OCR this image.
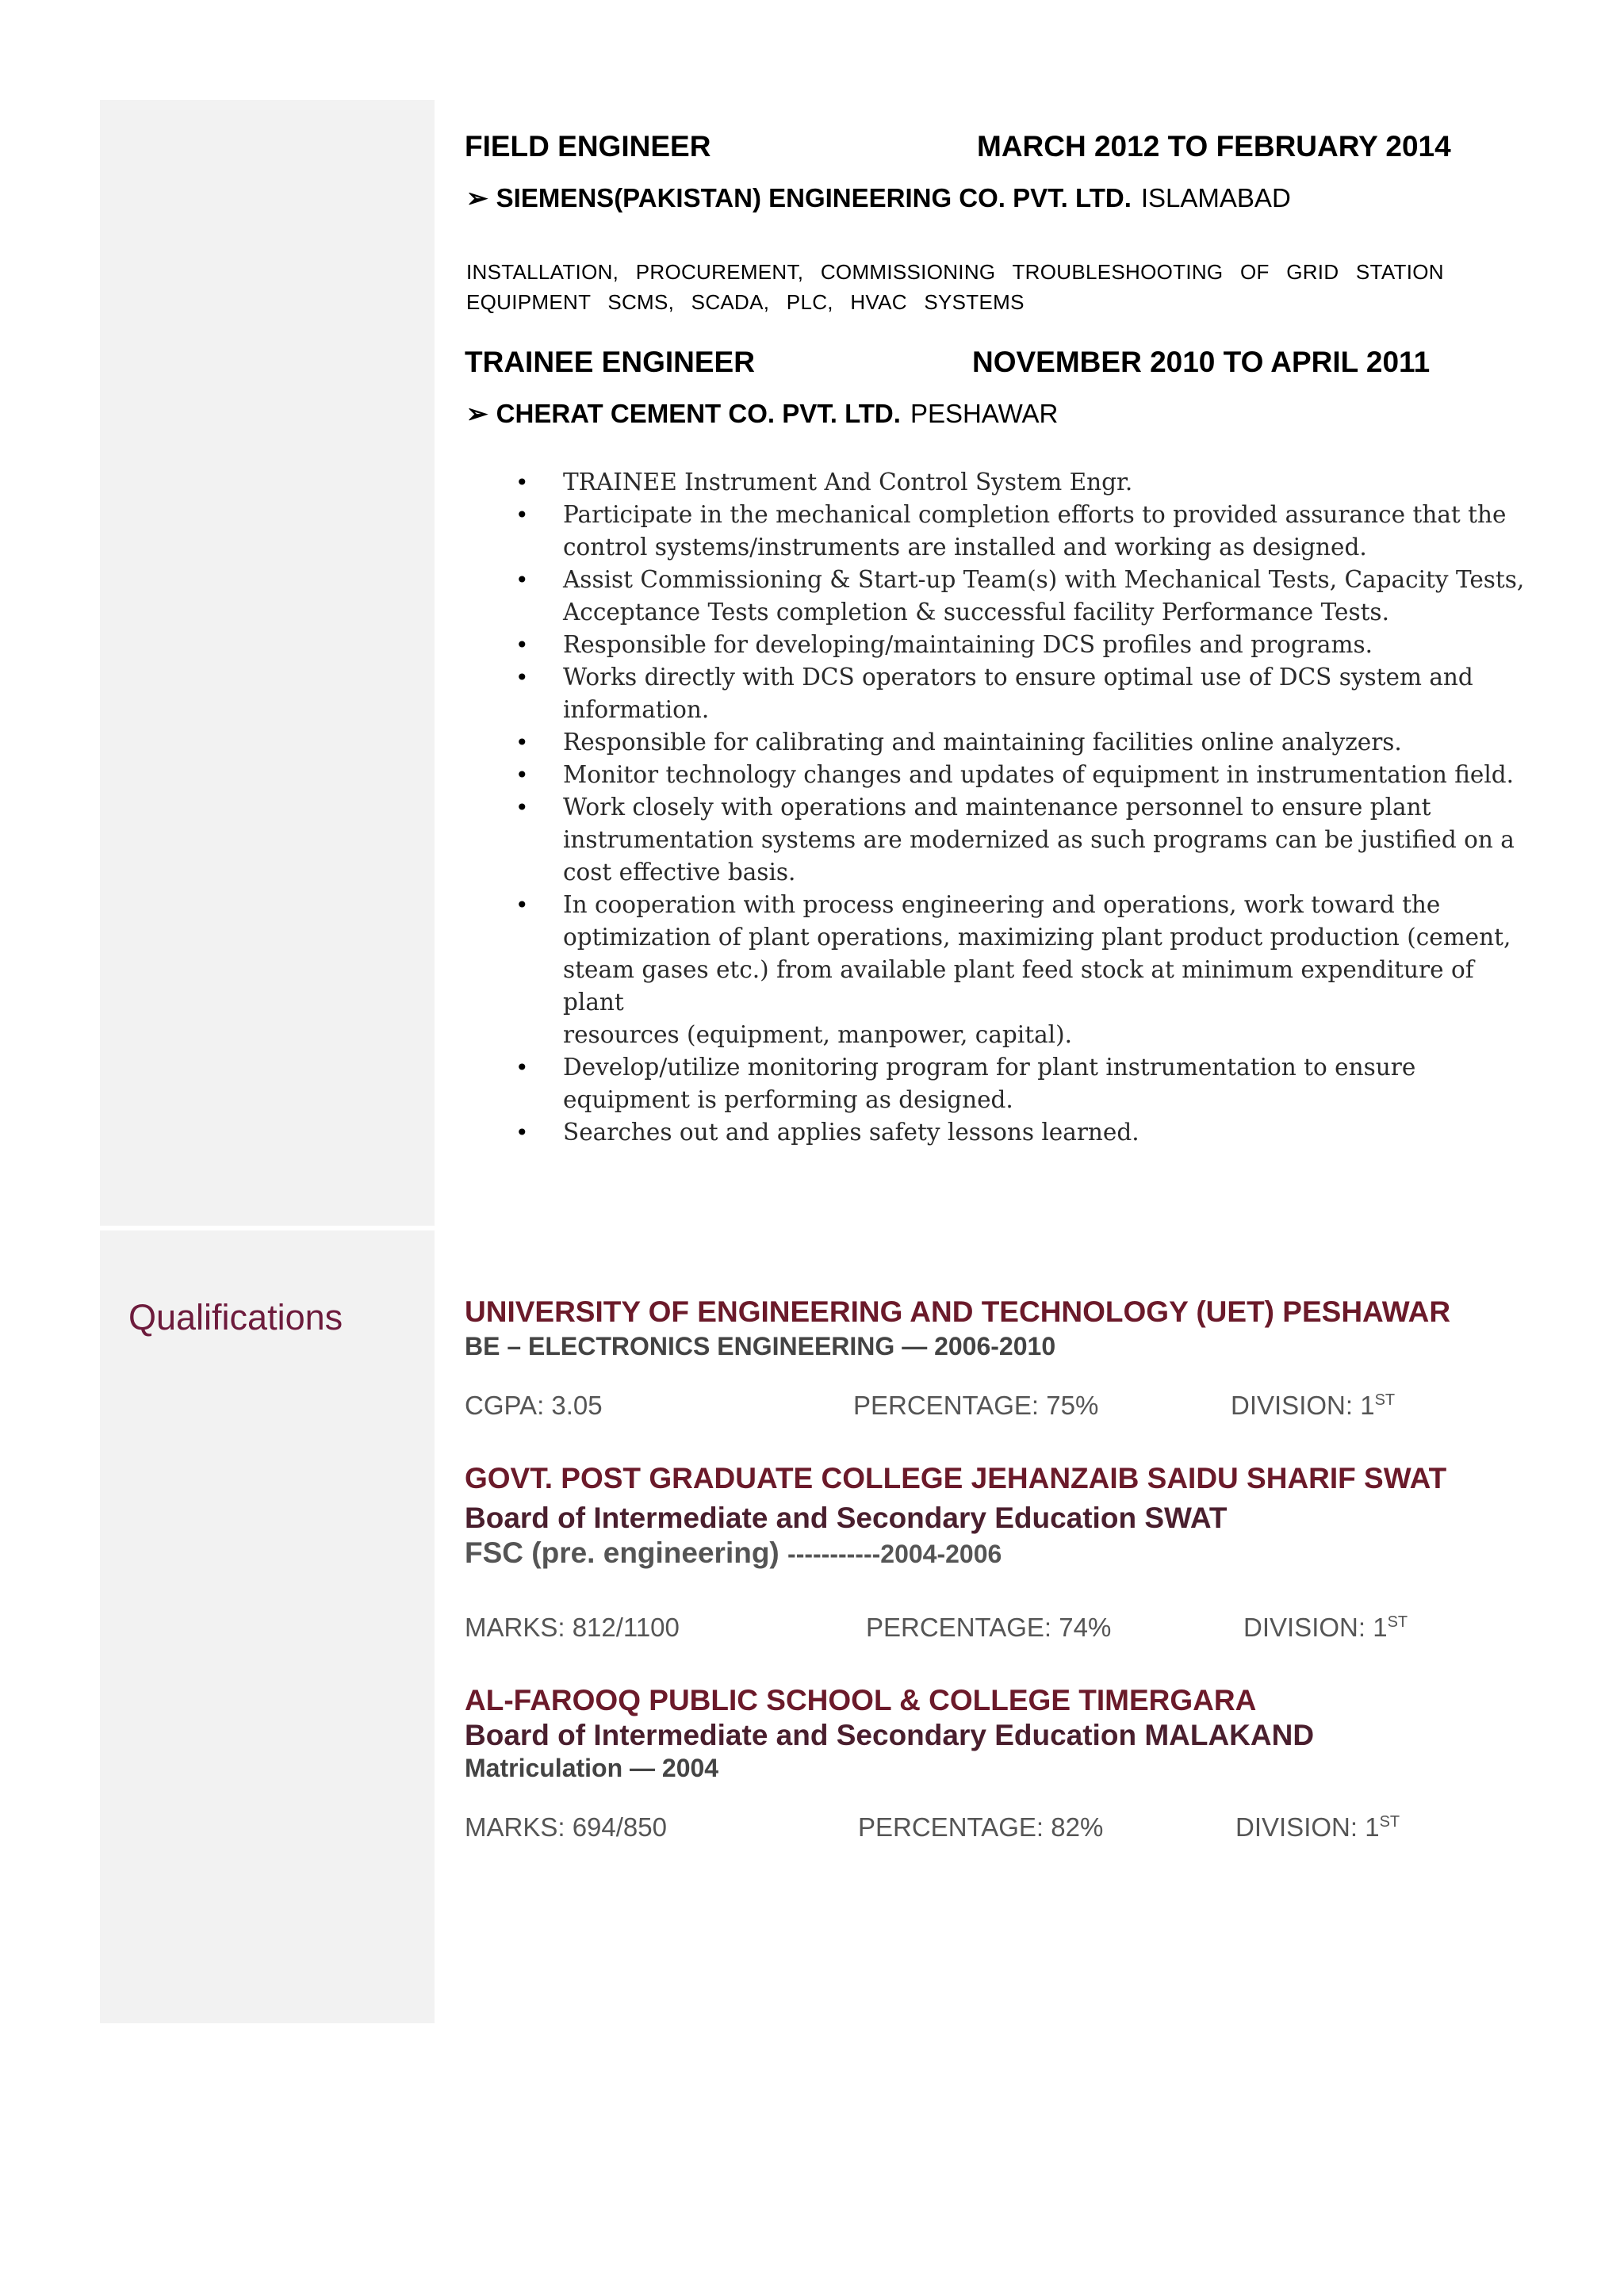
Qualifications
FIELD ENGINEER	MARCH 2012 TO FEBRUARY 2014
➢ SIEMENS(PAKISTAN) ENGINEERING CO. PVT. LTD. ISLAMABAD
INSTALLATION, PROCUREMENT, COMMISSIONING TROUBLESHOOTING OF GRID STATION
EQUIPMENT SCMS, SCADA, PLC, HVAC SYSTEMS
TRAINEE ENGINEER	NOVEMBER 2010 TO APRIL 2011
➢ CHERAT CEMENT CO. PVT. LTD. PESHAWAR
• TRAINEE Instrument And Control System Engr.
• Participate in the mechanical completion efforts to provided assurance that the
control systems/instruments are installed and working as designed.
• Assist Commissioning & Start-up Team(s) with Mechanical Tests, Capacity Tests,
Acceptance Tests completion & successful facility Performance Tests.
• Responsible for developing/maintaining DCS profiles and programs.
• Works directly with DCS operators to ensure optimal use of DCS system and
information.
• Responsible for calibrating and maintaining facilities online analyzers.
• Monitor technology changes and updates of equipment in instrumentation field.
• Work closely with operations and maintenance personnel to ensure plant
instrumentation systems are modernized as such programs can be justified on a
cost effective basis.
• In cooperation with process engineering and operations, work toward the
optimization of plant operations, maximizing plant product production (cement,
steam gases etc.) from available plant feed stock at minimum expenditure of plant
resources (equipment, manpower, capital).
• Develop/utilize monitoring program for plant instrumentation to ensure
equipment is performing as designed.
• Searches out and applies safety lessons learned.
UNIVERSITY OF ENGINEERING AND TECHNOLOGY (UET) PESHAWAR
BE – ELECTRONICS ENGINEERING — 2006-2010
CGPA: 3.05	PERCENTAGE: 75%	DIVISION: 1ST
GOVT. POST GRADUATE COLLEGE JEHANZAIB SAIDU SHARIF SWAT
Board of Intermediate and Secondary Education SWAT
FSC (pre. engineering) -----------2004-2006
MARKS: 812/1100	PERCENTAGE: 74%	DIVISION: 1ST
AL-FAROOQ PUBLIC SCHOOL & COLLEGE TIMERGARA
Board of Intermediate and Secondary Education MALAKAND
Matriculation — 2004
MARKS: 694/850	PERCENTAGE: 82%	DIVISION: 1ST
